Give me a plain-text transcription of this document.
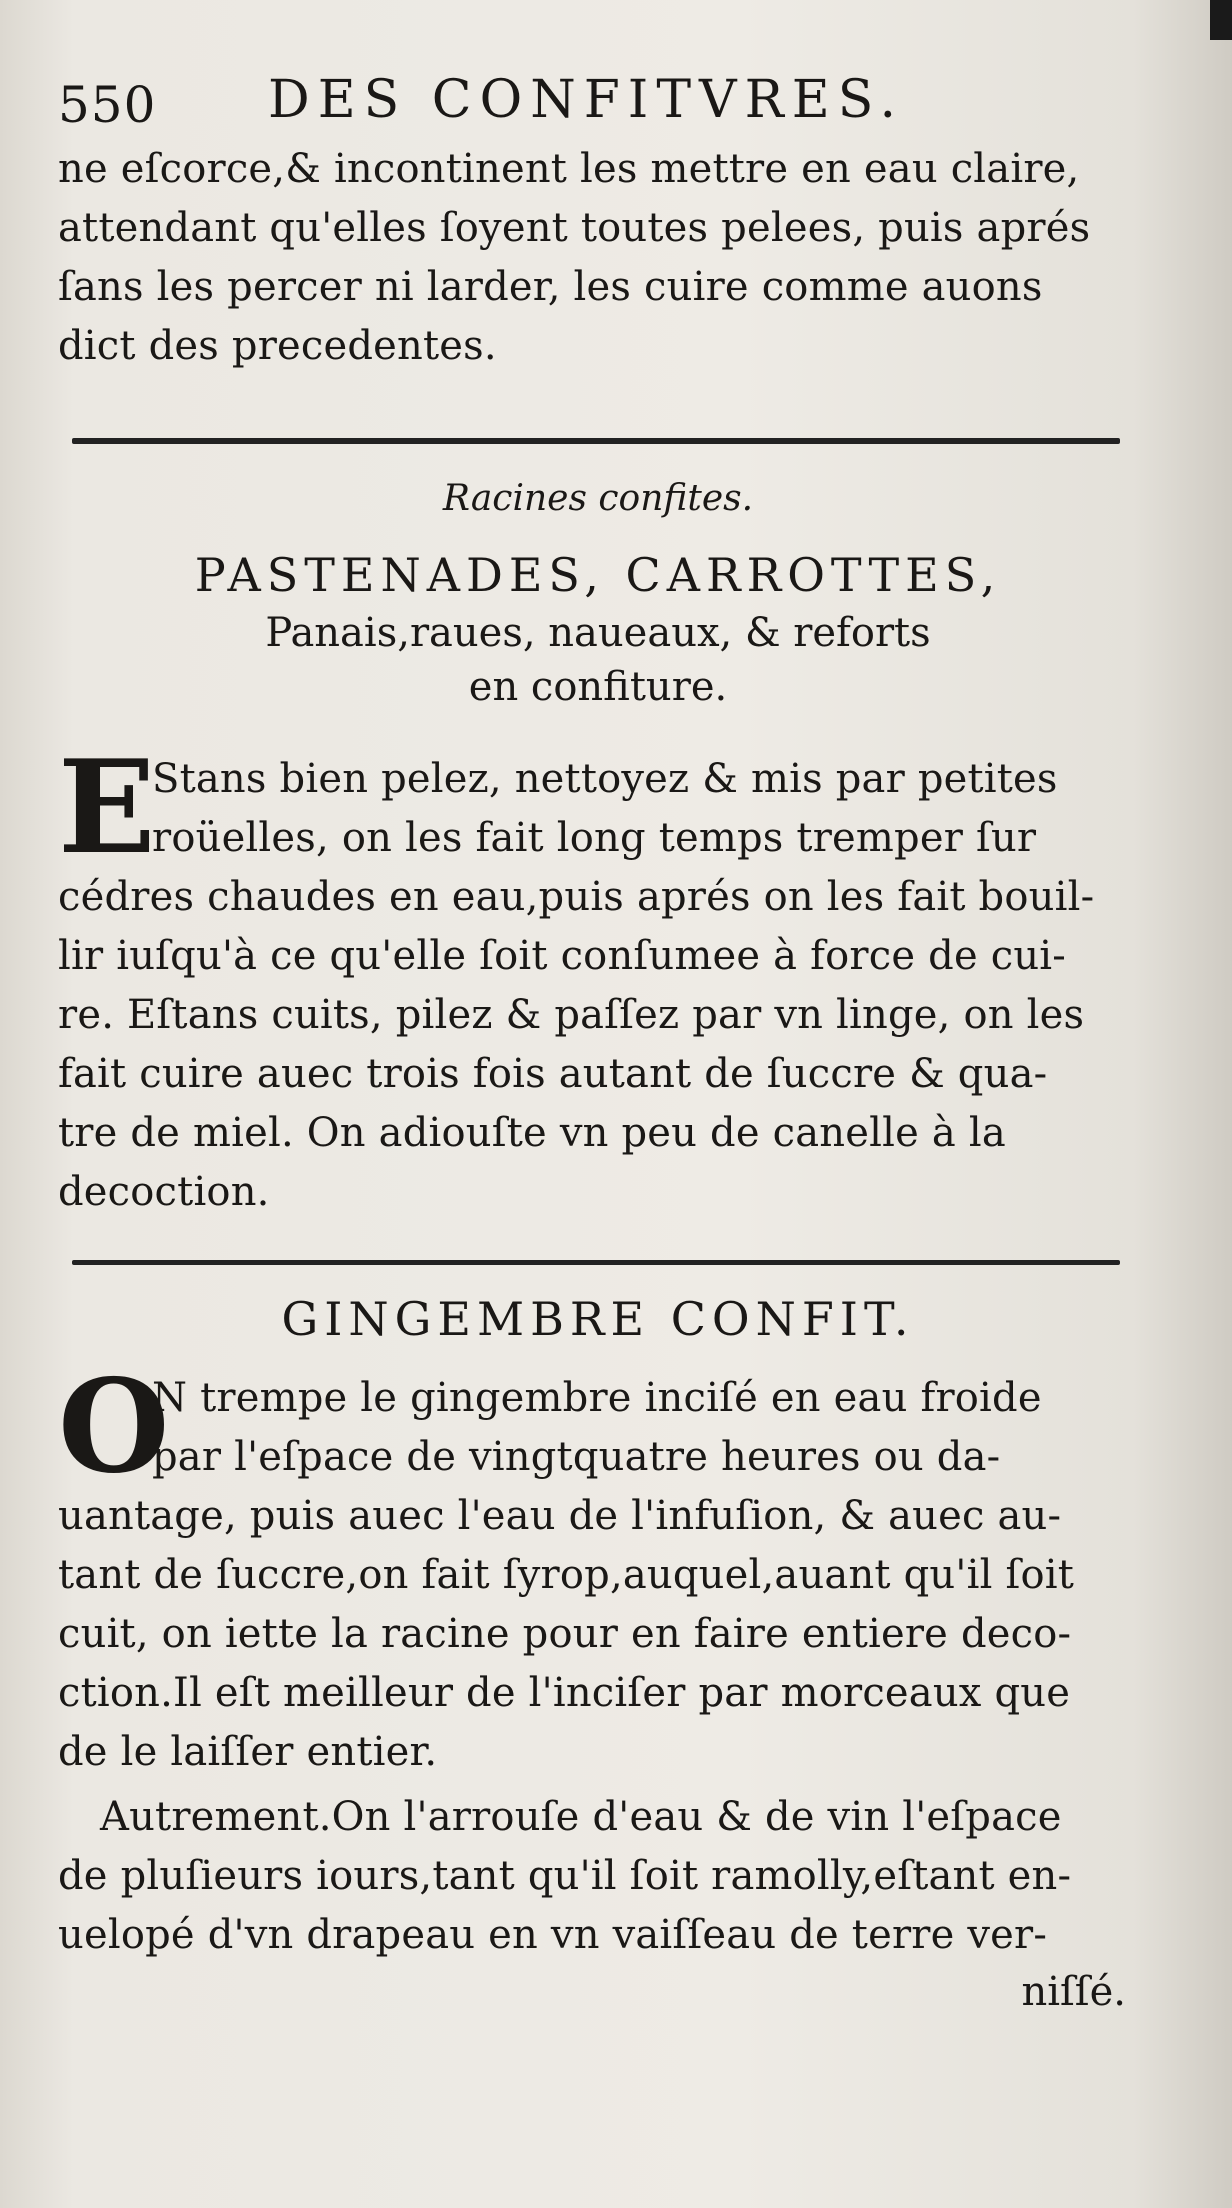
550 DES CONFITVRES.
ne eſcorce,& incontinent les mettre en eau claire,
attendant qu'elles ſoyent toutes pelees, puis aprés
ſans les percer ni larder, les cuire comme auons
dict des precedentes.
Racines confites.
PASTENADES, CARROTTES,
Panais,raues, naueaux, & reforts
en confiture.
E
Stans bien pelez, nettoyez & mis par petites
roüelles, on les fait long temps tremper ſur
cédres chaudes en eau,puis aprés on les fait bouil-
lir iuſqu'à ce qu'elle ſoit conſumee à force de cui-
re. Eſtans cuits, pilez & paſſez par vn linge, on les
fait cuire auec trois fois autant de ſuccre & qua-
tre de miel. On adiouſte vn peu de canelle à la
decoction.
GINGEMBRE CONFIT.
O
N trempe le gingembre inciſé en eau froide
par l'eſpace de vingtquatre heures ou da-
uantage, puis auec l'eau de l'infuſion, & auec au-
tant de ſuccre,on fait ſyrop,auquel,auant qu'il ſoit
cuit, on iette la racine pour en faire entiere deco-
ction.Il eſt meilleur de l'inciſer par morceaux que
de le laiſſer entier.
Autrement.On l'arrouſe d'eau & de vin l'eſpace
de pluſieurs iours,tant qu'il ſoit ramolly,eſtant en-
uelopé d'vn drapeau en vn vaiſſeau de terre ver-
niſſé.
